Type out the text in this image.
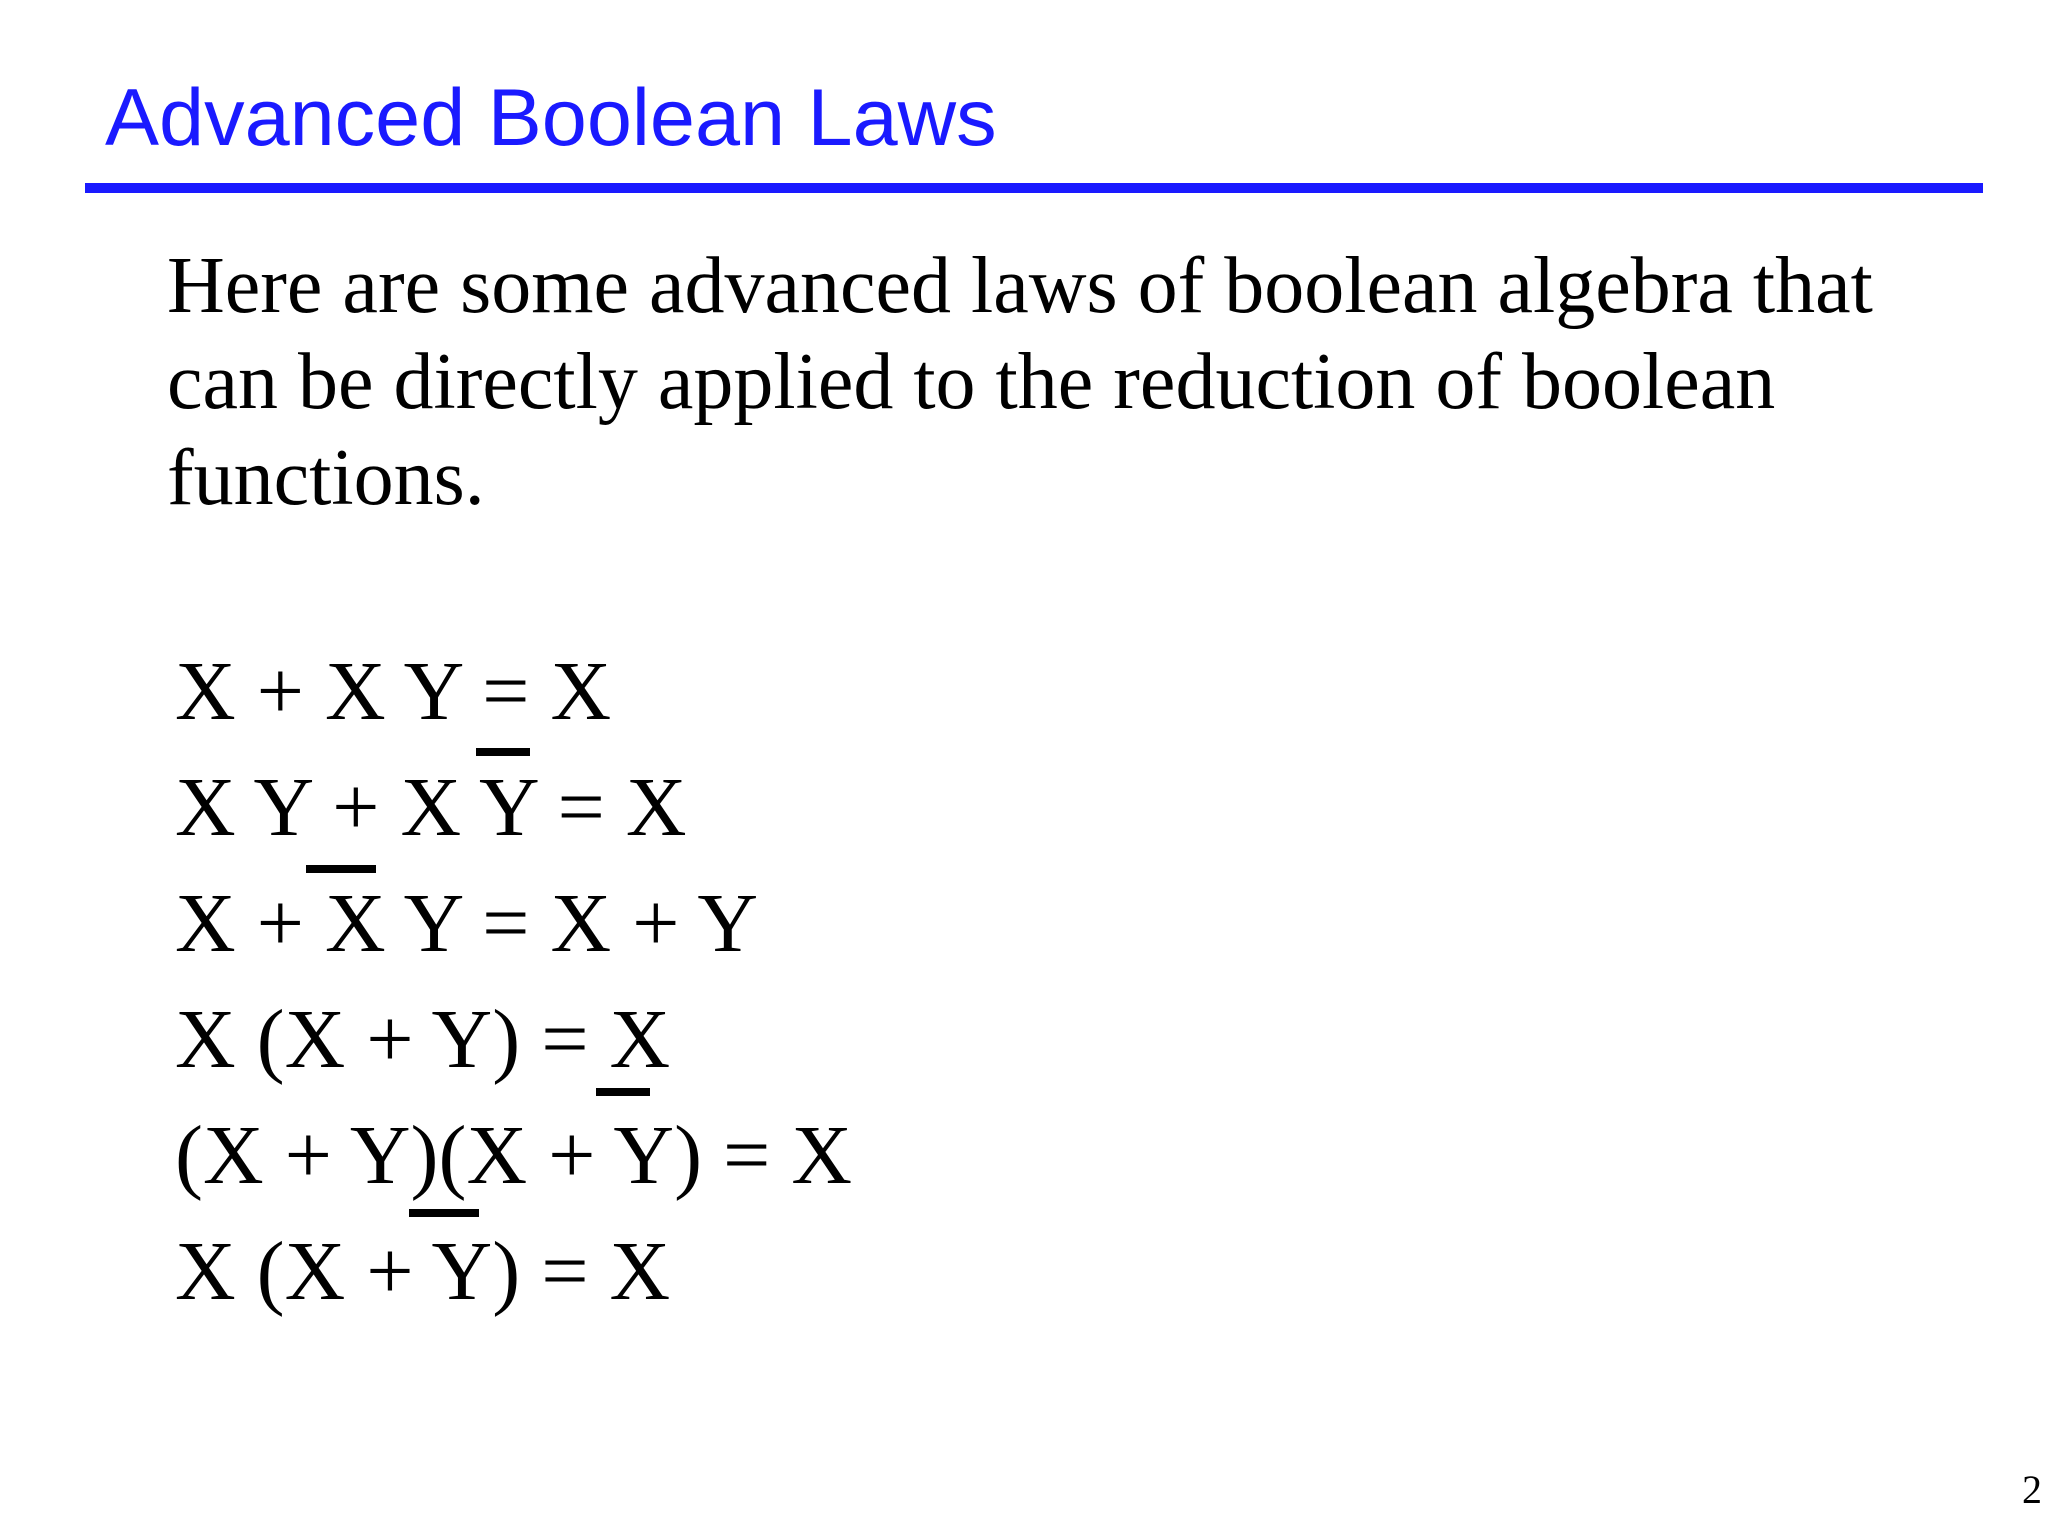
Advanced Boolean Laws
Here are some advanced laws of boolean algebra that can be directly applied to the reduction of boolean functions.
X + X Y = X
X Y + X Y = X
X + X Y = X + Y
X (X + Y) = X
(X + Y)(X + Y) = X
X (X + Y) = X
2
